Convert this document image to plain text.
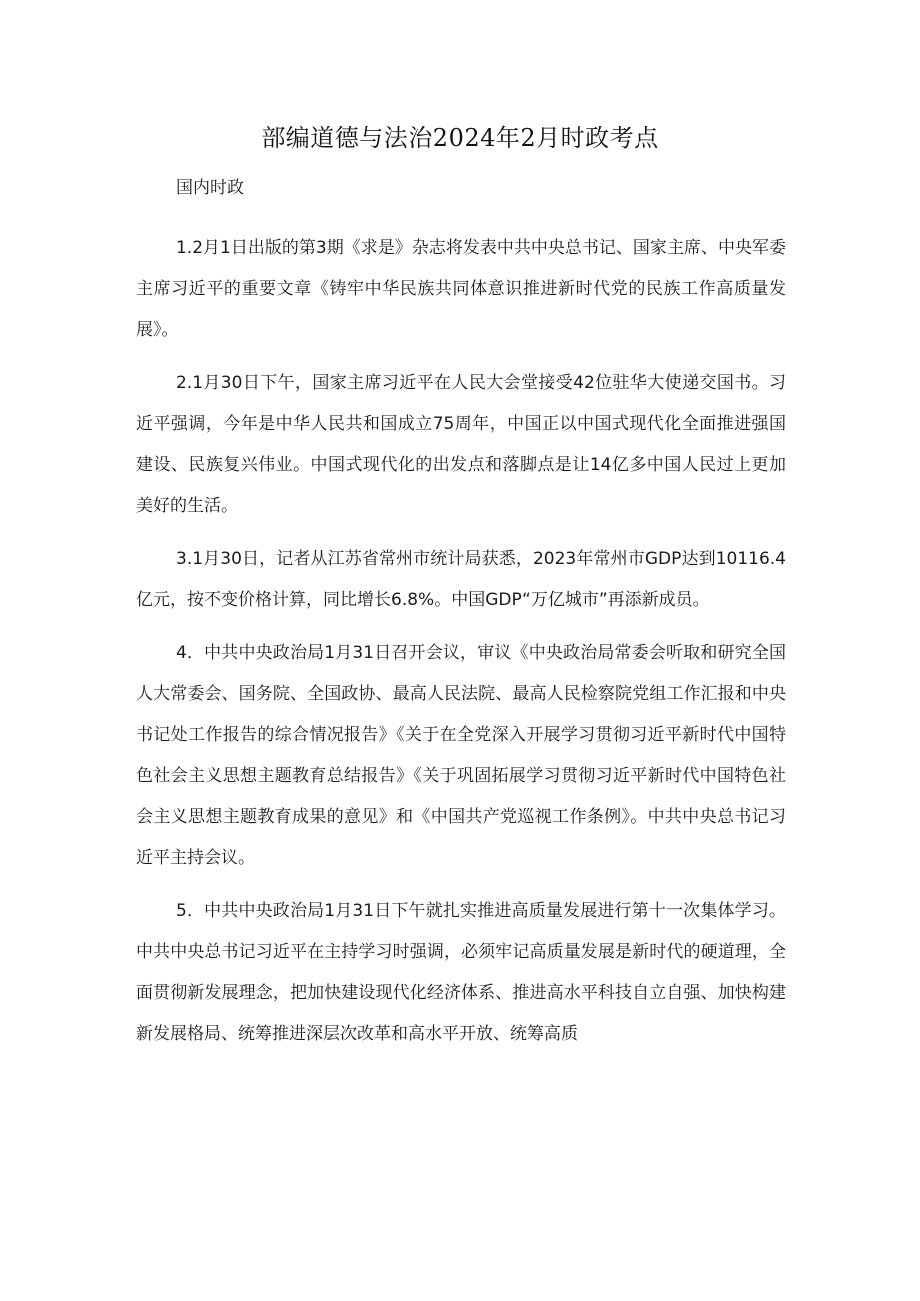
部编道德与法治2024年2月时政考点

国内时政

1.2月1日出版的第3期《求是》杂志将发表中共中央总书记、国家主席、中央军委主席习近平的重要文章《铸牢中华民族共同体意识推进新时代党的民族工作高质量发展》。

2.1月30日下午，国家主席习近平在人民大会堂接受42位驻华大使递交国书。习近平强调，今年是中华人民共和国成立75周年，中国正以中国式现代化全面推进强国建设、民族复兴伟业。中国式现代化的出发点和落脚点是让14亿多中国人民过上更加美好的生活。

3.1月30日，记者从江苏省常州市统计局获悉，2023年常州市GDP达到10116.4亿元，按不变价格计算，同比增长6.8%。中国GDP“万亿城市”再添新成员。

4．中共中央政治局1月31日召开会议，审议《中央政治局常委会听取和研究全国人大常委会、国务院、全国政协、最高人民法院、最高人民检察院党组工作汇报和中央书记处工作报告的综合情况报告》《关于在全党深入开展学习贯彻习近平新时代中国特色社会主义思想主题教育总结报告》《关于巩固拓展学习贯彻习近平新时代中国特色社会主义思想主题教育成果的意见》和《中国共产党巡视工作条例》。中共中央总书记习近平主持会议。

5．中共中央政治局1月31日下午就扎实推进高质量发展进行第十一次集体学习。中共中央总书记习近平在主持学习时强调，必须牢记高质量发展是新时代的硬道理，全面贯彻新发展理念，把加快建设现代化经济体系、推进高水平科技自立自强、加快构建新发展格局、统筹推进深层次改革和高水平开放、统筹高质
